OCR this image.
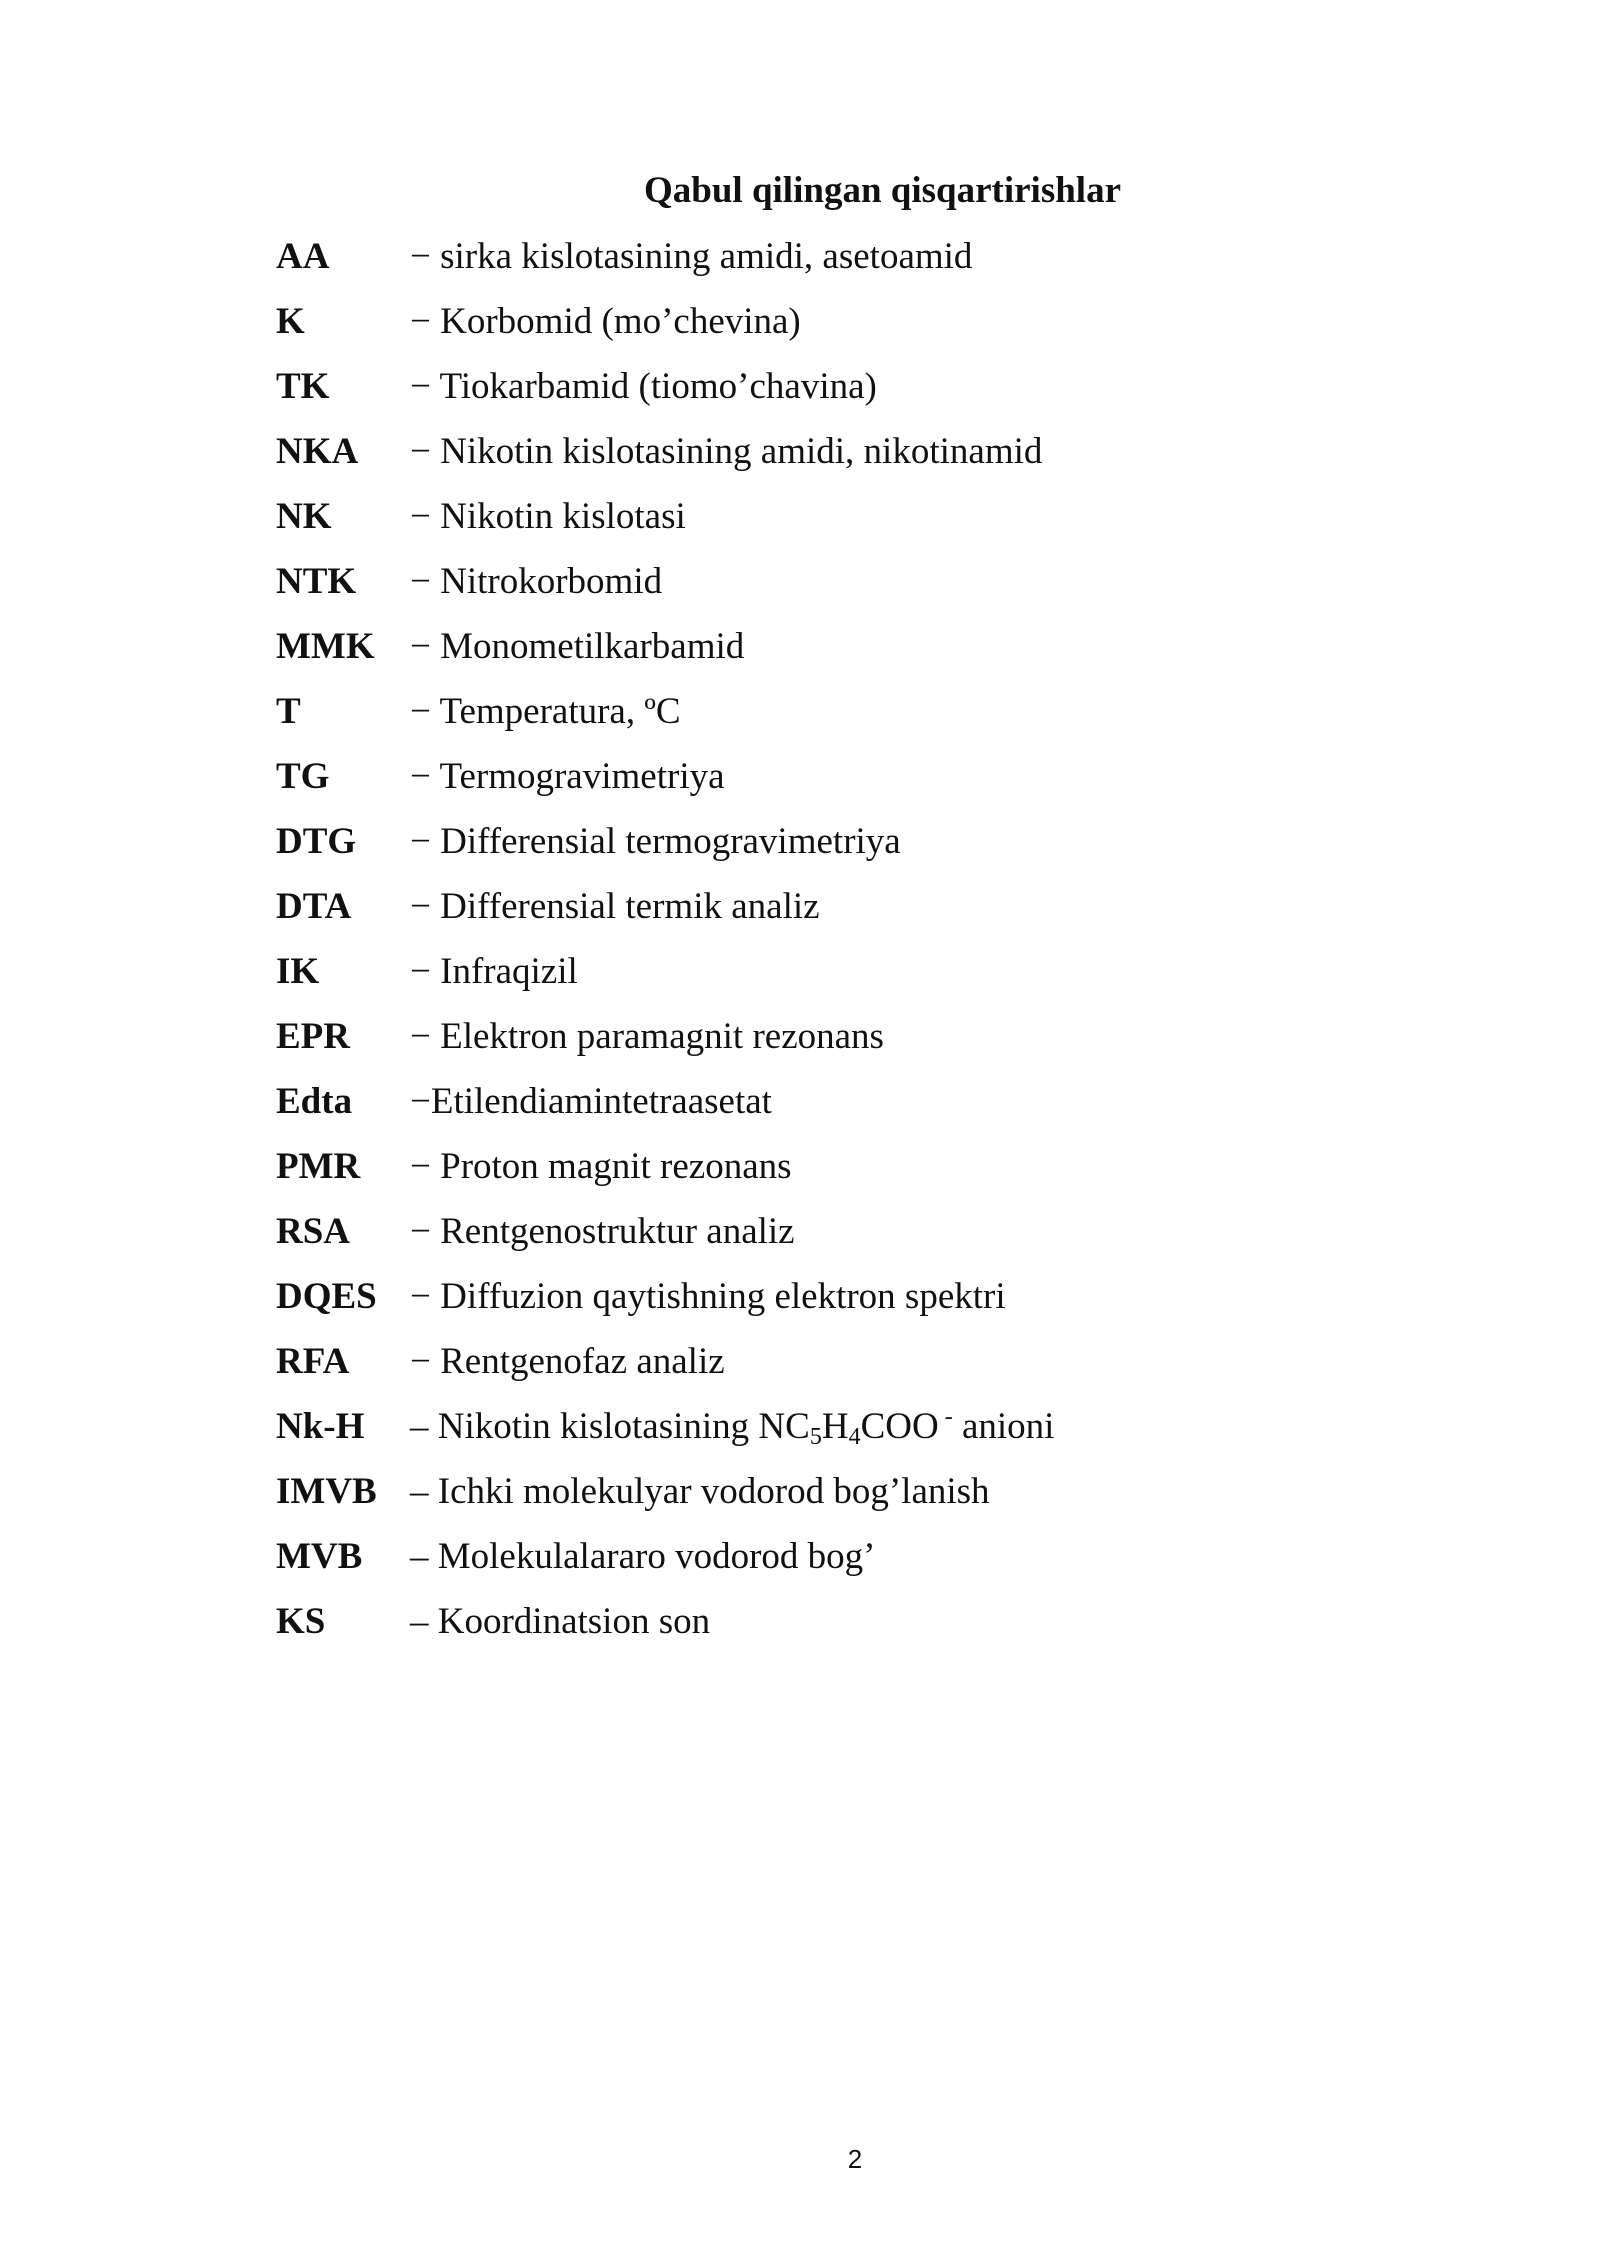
Qabul qilingan qisqartirishlar
AA − sirka kislotasining amidi, asetoamid
K	− Korbomid (mo’chevina)
TK − Tiokarbamid (tiomo’chavina)
NKA − Nikotin kislotasining amidi, nikotinamid
NK − Nikotin kislotasi
NTK − Nitrokorbomid
MMK − Monometilkarbamid
T	− Temperatura, ºC
TG − Termogravimetriya
DTG − Differensial termogravimetriya
DTA − Differensial termik analiz
IK − Infraqizil
EPR − Elektron paramagnit rezonans
Edta −Etilendiamintetraasetat
PMR − Proton magnit rezonans
RSA − Rentgenostruktur analiz
DQES − Diffuzion qaytishning elektron spektri
RFA − Rentgenofaz analiz
Nk-H – Nikotin kislotasining $NC_5H_4COO$ - anioni
IMVB – Ichki molekulyar vodorod bog’lanish
MVB – Molekulalararo vodorod bog’
KS – Koordinatsion son
2
